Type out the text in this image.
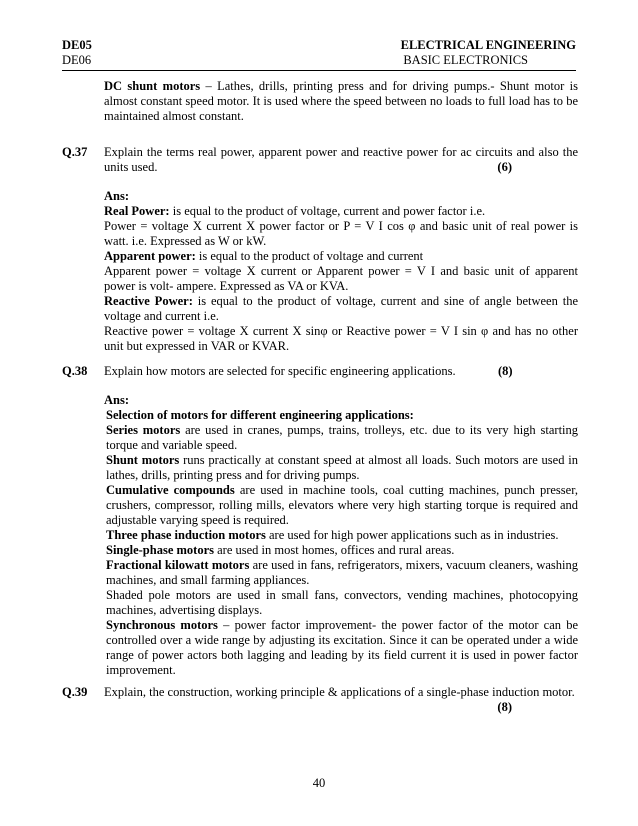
DE05	ELECTRICAL ENGINEERING
DE06	BASIC ELECTRONICS

DC shunt motors – Lathes, drills, printing press and for driving pumps.- Shunt motor is almost constant speed motor. It is used where the speed between no loads to full load has to be maintained almost constant.

Q.37 Explain the terms real power, apparent power and reactive power for ac circuits and also the units used.	(6)

Ans:

Real Power: is equal to the product of voltage, current and power factor i.e.

Power = voltage X current X power factor or P = V I cos φ and basic unit of real power is watt. i.e. Expressed as W or kW.

Apparent power: is equal to the product of voltage and current

Apparent power = voltage X current or Apparent power = V I and basic unit of apparent power is volt- ampere. Expressed as VA or KVA.

Reactive Power: is equal to the product of voltage, current and sine of angle between the voltage and current i.e.

Reactive power = voltage X current X sinφ or Reactive power = V I sin φ and has no other unit but expressed in VAR or KVAR.

Q.38 Explain how motors are selected for specific engineering applications.	(8)

Ans:

Selection of motors for different engineering applications:

Series motors are used in cranes, pumps, trains, trolleys, etc. due to its very high starting torque and variable speed.

Shunt motors runs practically at constant speed at almost all loads. Such motors are used in lathes, drills, printing press and for driving pumps.

Cumulative compounds are used in machine tools, coal cutting machines, punch presser, crushers, compressor, rolling mills, elevators where very high starting torque is required and adjustable varying speed is required.

Three phase induction motors are used for high power applications such as in industries.

Single-phase motors are used in most homes, offices and rural areas.

Fractional kilowatt motors are used in fans, refrigerators, mixers, vacuum cleaners, washing machines, and small farming appliances.

Shaded pole motors are used in small fans, convectors, vending machines, photocopying machines, advertising displays.

Synchronous motors – power factor improvement- the power factor of the motor can be controlled over a wide range by adjusting its excitation. Since it can be operated under a wide range of power actors both lagging and leading by its field current it is used in power factor improvement.

Q.39 Explain, the construction, working principle & applications of a single-phase induction motor.
(8)
40
